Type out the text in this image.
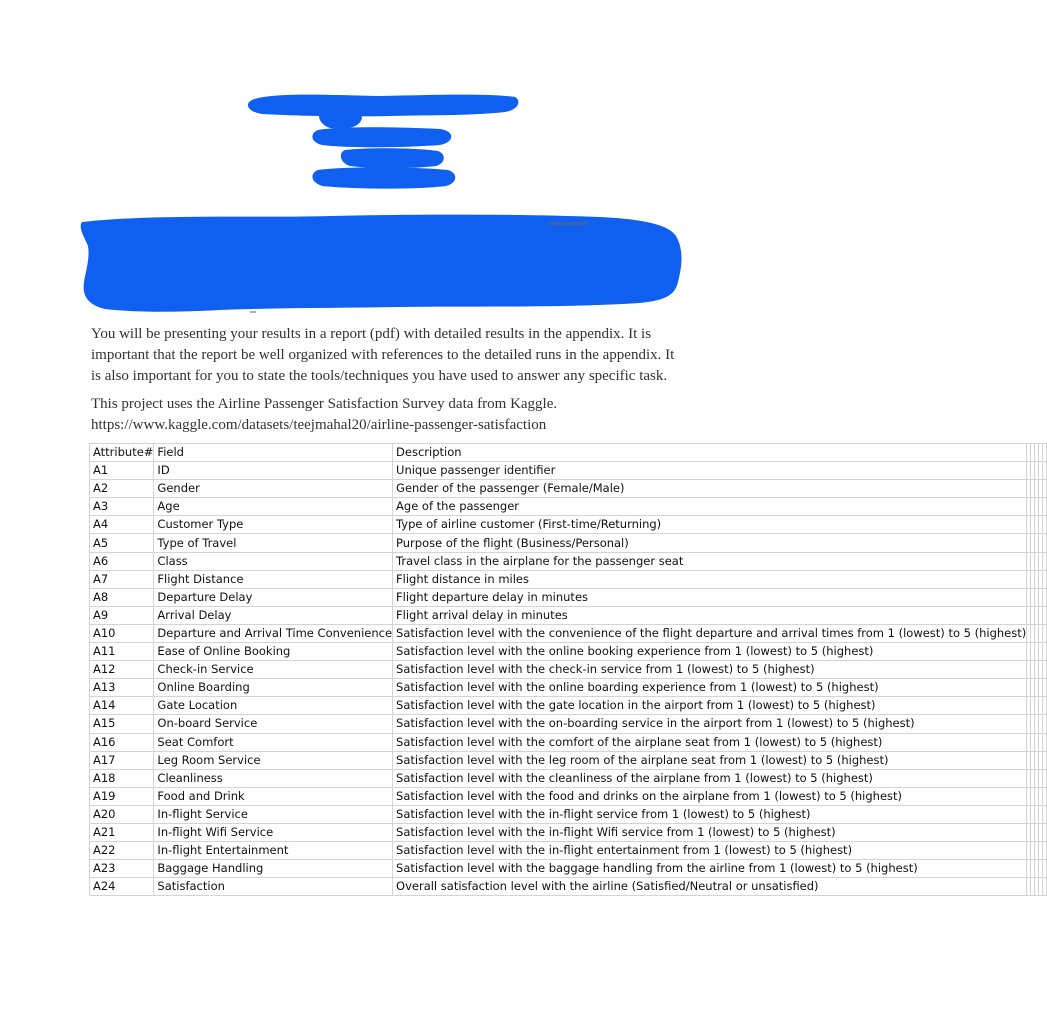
You will be presenting your results in a report (pdf) with detailed results in the appendix. It is
important that the report be well organized with references to the detailed runs in the appendix. It
is also important for you to state the tools/techniques you have used to answer any specific task.

This project uses the Airline Passenger Satisfaction Survey data from Kaggle.
https://www.kaggle.com/datasets/teejmahal20/airline-passenger-satisfaction

Attribute#	Field	Description					
A1	ID	Unique passenger identifier					
A2	Gender	Gender of the passenger (Female/Male)					
A3	Age	Age of the passenger					
A4	Customer Type	Type of airline customer (First-time/Returning)					
A5	Type of Travel	Purpose of the flight (Business/Personal)					
A6	Class	Travel class in the airplane for the passenger seat					
A7	Flight Distance	Flight distance in miles					
A8	Departure Delay	Flight departure delay in minutes					
A9	Arrival Delay	Flight arrival delay in minutes					
A10	Departure and Arrival Time Convenience	Satisfaction level with the convenience of the flight departure and arrival times from 1 (lowest) to 5 (highest)					
A11	Ease of Online Booking	Satisfaction level with the online booking experience from 1 (lowest) to 5 (highest)					
A12	Check-in Service	Satisfaction level with the check-in service from 1 (lowest) to 5 (highest)					
A13	Online Boarding	Satisfaction level with the online boarding experience from 1 (lowest) to 5 (highest)					
A14	Gate Location	Satisfaction level with the gate location in the airport from 1 (lowest) to 5 (highest)					
A15	On-board Service	Satisfaction level with the on-boarding service in the airport from 1 (lowest) to 5 (highest)					
A16	Seat Comfort	Satisfaction level with the comfort of the airplane seat from 1 (lowest) to 5 (highest)					
A17	Leg Room Service	Satisfaction level with the leg room of the airplane seat from 1 (lowest) to 5 (highest)					
A18	Cleanliness	Satisfaction level with the cleanliness of the airplane from 1 (lowest) to 5 (highest)					
A19	Food and Drink	Satisfaction level with the food and drinks on the airplane from 1 (lowest) to 5 (highest)					
A20	In-flight Service	Satisfaction level with the in-flight service from 1 (lowest) to 5 (highest)					
A21	In-flight Wifi Service	Satisfaction level with the in-flight Wifi service from 1 (lowest) to 5 (highest)					
A22	In-flight Entertainment	Satisfaction level with the in-flight entertainment from 1 (lowest) to 5 (highest)					
A23	Baggage Handling	Satisfaction level with the baggage handling from the airline from 1 (lowest) to 5 (highest)					
A24	Satisfaction	Overall satisfaction level with the airline (Satisfied/Neutral or unsatisfied)					
